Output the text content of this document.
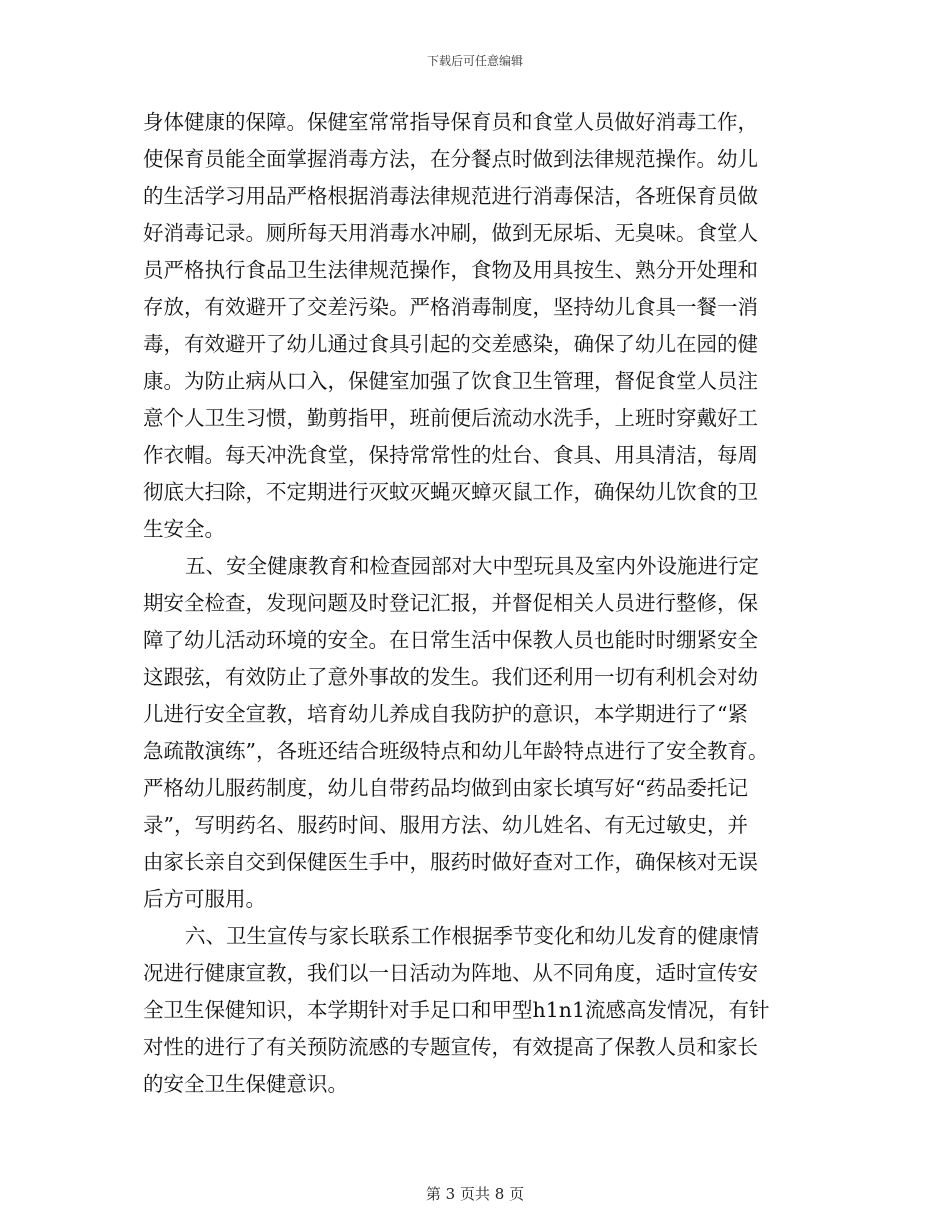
下载后可任意编辑
身体健康的保障。保健室常常指导保育员和食堂人员做好消毒工作，
使保育员能全面掌握消毒方法，在分餐点时做到法律规范操作。幼儿
的生活学习用品严格根据消毒法律规范进行消毒保洁，各班保育员做
好消毒记录。厕所每天用消毒水冲刷，做到无尿垢、无臭味。食堂人
员严格执行食品卫生法律规范操作，食物及用具按生、熟分开处理和
存放，有效避开了交差污染。严格消毒制度，坚持幼儿食具一餐一消
毒，有效避开了幼儿通过食具引起的交差感染，确保了幼儿在园的健
康。为防止病从口入，保健室加强了饮食卫生管理，督促食堂人员注
意个人卫生习惯，勤剪指甲，班前便后流动水洗手，上班时穿戴好工
作衣帽。每天冲洗食堂，保持常常性的灶台、食具、用具清洁，每周
彻底大扫除，不定期进行灭蚊灭蝇灭蟑灭鼠工作，确保幼儿饮食的卫
生安全。
五、安全健康教育和检查园部对大中型玩具及室内外设施进行定
期安全检查，发现问题及时登记汇报，并督促相关人员进行整修，保
障了幼儿活动环境的安全。在日常生活中保教人员也能时时绷紧安全
这跟弦，有效防止了意外事故的发生。我们还利用一切有利机会对幼
儿进行安全宣教，培育幼儿养成自我防护的意识，本学期进行了“紧
急疏散演练”，各班还结合班级特点和幼儿年龄特点进行了安全教育。
严格幼儿服药制度，幼儿自带药品均做到由家长填写好“药品委托记
录”，写明药名、服药时间、服用方法、幼儿姓名、有无过敏史，并
由家长亲自交到保健医生手中，服药时做好查对工作，确保核对无误
后方可服用。
六、卫生宣传与家长联系工作根据季节变化和幼儿发育的健康情
况进行健康宣教，我们以一日活动为阵地、从不同角度，适时宣传安
全卫生保健知识，本学期针对手足口和甲型h1n1流感高发情况，有针
对性的进行了有关预防流感的专题宣传，有效提高了保教人员和家长
的安全卫生保健意识。
第 3 页共 8 页
